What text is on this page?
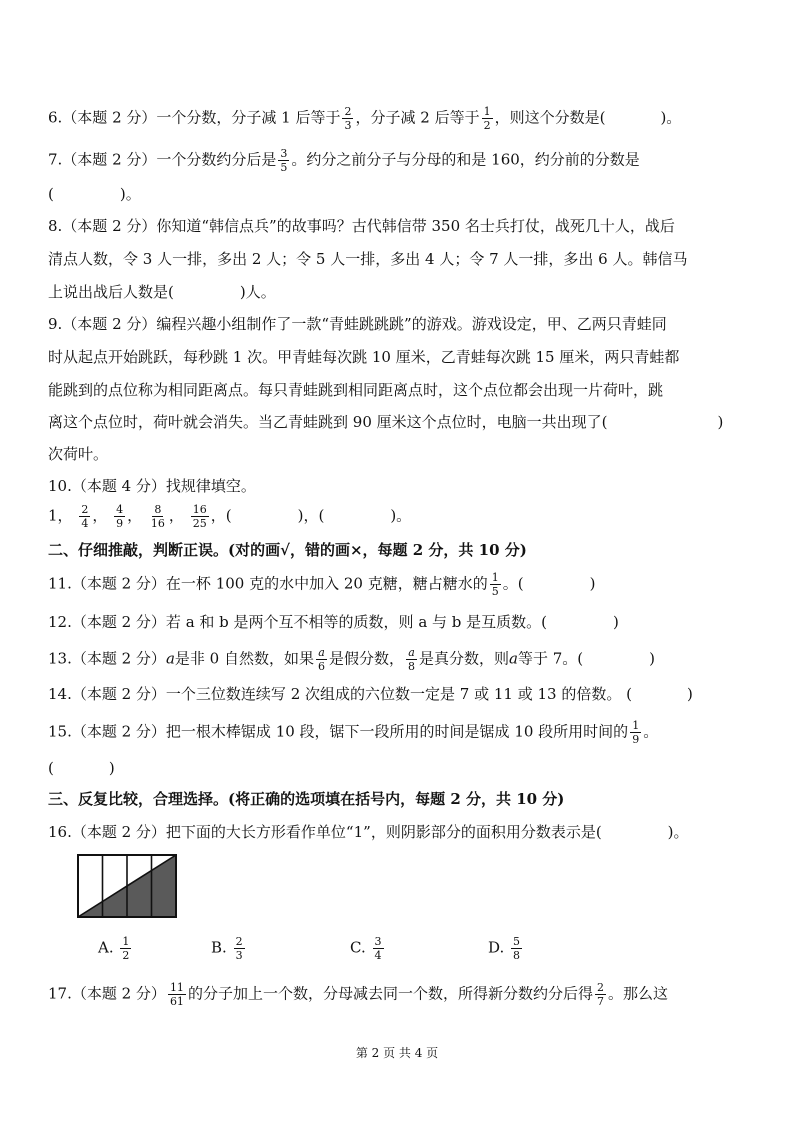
6.（本题 2 分）一个分数，分子减 1 后等于 $\frac{2}{3}$ ，分子减 2 后等于 $\frac{1}{2}$ ，则这个分数是(	)。
7.（本题 2 分）一个分数约分后是 $\frac{3}{5}$ 。约分之前分子与分母的和是 160，约分前的分数是
(	)。
8.（本题 2 分）你知道“韩信点兵”的故事吗？古代韩信带 350 名士兵打仗，战死几十人，战后
清点人数，令 3 人一排，多出 2 人；令 5 人一排，多出 4 人；令 7 人一排，多出 6 人。韩信马
上说出战后人数是(	)人。
9.（本题 2 分）编程兴趣小组制作了一款“青蛙跳跳跳”的游戏。游戏设定，甲、乙两只青蛙同
时从起点开始跳跃，每秒跳 1 次。甲青蛙每次跳 10 厘米，乙青蛙每次跳 15 厘米，两只青蛙都
能跳到的点位称为相同距离点。每只青蛙跳到相同距离点时，这个点位都会出现一片荷叶，跳
离这个点位时，荷叶就会消失。当乙青蛙跳到 90 厘米这个点位时，电脑一共出现了(	)
次荷叶。
10.（本题 4 分）找规律填空。
1， $\frac{2}{4}$ ， $\frac{4}{9}$ ， $\frac{8}{16}$ ， $\frac{16}{25}$ ，(	)，(	)。
二、仔细推敲，判断正误。(对的画√，错的画×，每题 2 分，共 10 分)
11.（本题 2 分）在一杯 100 克的水中加入 20 克糖，糖占糖水的 $\frac{1}{5}$ 。(	)
12.（本题 2 分）若 a 和 b 是两个互不相等的质数，则 a 与 b 是互质数。(	)
13.（本题 2 分）a是非 0 自然数，如果 $\frac{a}{6}$ 是假分数， $\frac{a}{8}$ 是真分数，则a等于 7。(	)
14.（本题 2 分）一个三位数连续写 2 次组成的六位数一定是 7 或 11 或 13 的倍数。 (	)
15.（本题 2 分）把一根木棒锯成 10 段，锯下一段所用的时间是锯成 10 段所用时间的 $\frac{1}{9}$ 。
(	)
三、反复比较，合理选择。(将正确的选项填在括号内，每题 2 分，共 10 分)
16.（本题 2 分）把下面的大长方形看作单位“1”，则阴影部分的面积用分数表示是(	)。
A. $\frac{1}{2}$	B. $\frac{2}{3}$	C. $\frac{3}{4}$	D. $\frac{5}{8}$
17.（本题 2 分） $\frac{11}{61}$ 的分子加上一个数，分母减去同一个数，所得新分数约分后得 $\frac{2}{7}$ 。那么这
第 2 页 共 4 页
